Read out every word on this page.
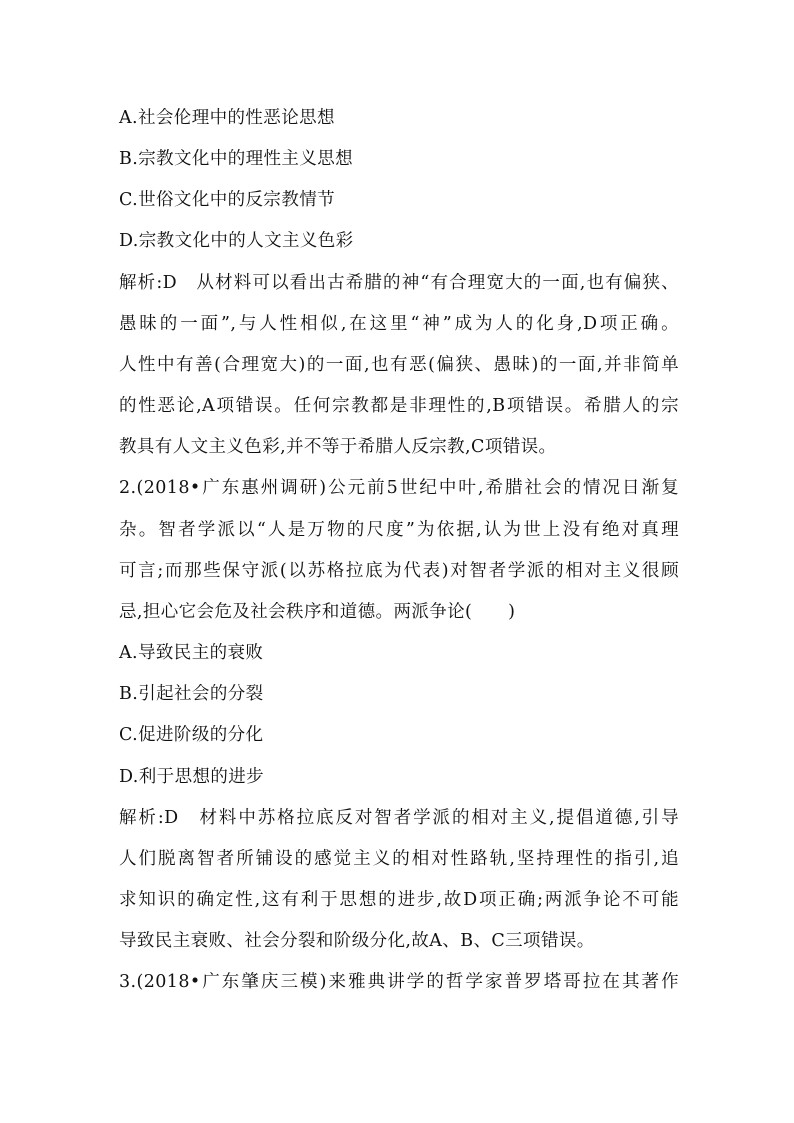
A.社会伦理中的性恶论思想
B.宗教文化中的理性主义思想
C.世俗文化中的反宗教情节
D.宗教文化中的人文主义色彩
解析:D　从材料可以看出古希腊的神“有合理宽大的一面,也有偏狭、
愚昧的一面”,与人性相似,在这里“神”成为人的化身,D项正确。
人性中有善(合理宽大)的一面,也有恶(偏狭、愚昧)的一面,并非简单
的性恶论,A项错误。任何宗教都是非理性的,B项错误。希腊人的宗
教具有人文主义色彩,并不等于希腊人反宗教,C项错误。
2.(2018•广东惠州调研)公元前5世纪中叶,希腊社会的情况日渐复
杂。智者学派以“人是万物的尺度”为依据,认为世上没有绝对真理
可言;而那些保守派(以苏格拉底为代表)对智者学派的相对主义很顾
忌,担心它会危及社会秩序和道德。两派争论(　　)
A.导致民主的衰败
B.引起社会的分裂
C.促进阶级的分化
D.利于思想的进步
解析:D　材料中苏格拉底反对智者学派的相对主义,提倡道德,引导
人们脱离智者所铺设的感觉主义的相对性路轨,坚持理性的指引,追
求知识的确定性,这有利于思想的进步,故D项正确;两派争论不可能
导致民主衰败、社会分裂和阶级分化,故A、B、C三项错误。
3.(2018•广东肇庆三模)来雅典讲学的哲学家普罗塔哥拉在其著作
